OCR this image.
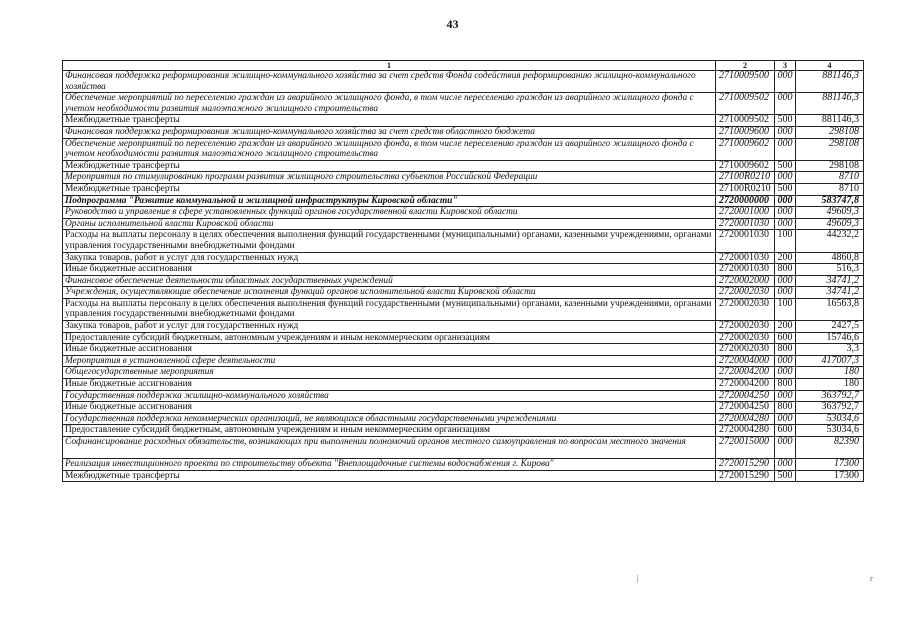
43
1	2	3	4
Финансовая поддержка реформирования жилищно-коммунального хозяйства за счет средств Фонда содействия реформированию жилищно-коммунального хозяйства	2710009500	000	881146,3
Обеспечение мероприятий по переселению граждан из аварийного жилищного фонда, в том числе переселению граждан из аварийного жилищного фонда с учетом необходимости развития малоэтажного жилищного строительства	2710009502	000	881146,3
Межбюджетные трансферты	2710009502	500	881146,3
Финансовая поддержка реформирования жилищно-коммунального хозяйства за счет средств областного бюджета	2710009600	000	298108
Обеспечение мероприятий по переселению граждан из аварийного жилищного фонда, в том числе переселению граждан из аварийного жилищного фонда с учетом необходимости развития малоэтажного жилищного строительства	2710009602	000	298108
Межбюджетные трансферты	2710009602	500	298108
Мероприятия по стимулированию программ развития жилищного строительства субъектов Российской Федерации	27100R0210	000	8710
Межбюджетные трансферты	27100R0210	500	8710
Подпрограмма "Развитие коммунальной и жилищной инфраструктуры Кировской области"	2720000000	000	583747,8
Руководство и управление в сфере установленных функций органов государственной власти Кировской области	2720001000	000	49609,3
Органы исполнительной власти Кировской области	2720001030	000	49609,3
Расходы на выплаты персоналу в целях обеспечения выполнения функций государственными (муниципальными) органами, казенными учреждениями, органами управления государственными внебюджетными фондами	2720001030	100	44232,2
Закупка товаров, работ и услуг для государственных нужд	2720001030	200	4860,8
Иные бюджетные ассигнования	2720001030	800	516,3
Финансовое обеспечение деятельности областных государственных учреждений	2720002000	000	34741,2
Учреждения, осуществляющие обеспечение исполнения функций органов исполнительной власти Кировской области	2720002030	000	34741,2
Расходы на выплаты персоналу в целях обеспечения выполнения функций государственными (муниципальными) органами, казенными учреждениями, органами управления государственными внебюджетными фондами	2720002030	100	16563,8
Закупка товаров, работ и услуг для государственных нужд	2720002030	200	2427,5
Предоставление субсидий бюджетным, автономным учреждениям и иным некоммерческим организациям	2720002030	600	15746,6
Иные бюджетные ассигнования	2720002030	800	3,3
Мероприятия в установленной сфере деятельности	2720004000	000	417007,3
Общегосударственные мероприятия	2720004200	000	180
Иные бюджетные ассигнования	2720004200	800	180
Государственная поддержка жилищно-коммунального хозяйства	2720004250	000	363792,7
Иные бюджетные ассигнования	2720004250	800	363792,7
Государственная поддержка некоммерческих организаций, не являющихся областными государственными учреждениями	2720004280	000	53034,6
Предоставление субсидий бюджетным, автономным учреждениям и иным некоммерческим организациям	2720004280	600	53034,6
Софинансирование расходных обязательств, возникающих при выполнении полномочий органов местного самоуправления по вопросам местного значения	2720015000	000	82390
Реализация инвестиционного проекта по строительству объекта "Внеплощадочные системы водоснабжения г. Кирова"	2720015290	000	17300
Межбюджетные трансферты	2720015290	500	17300
|	г
